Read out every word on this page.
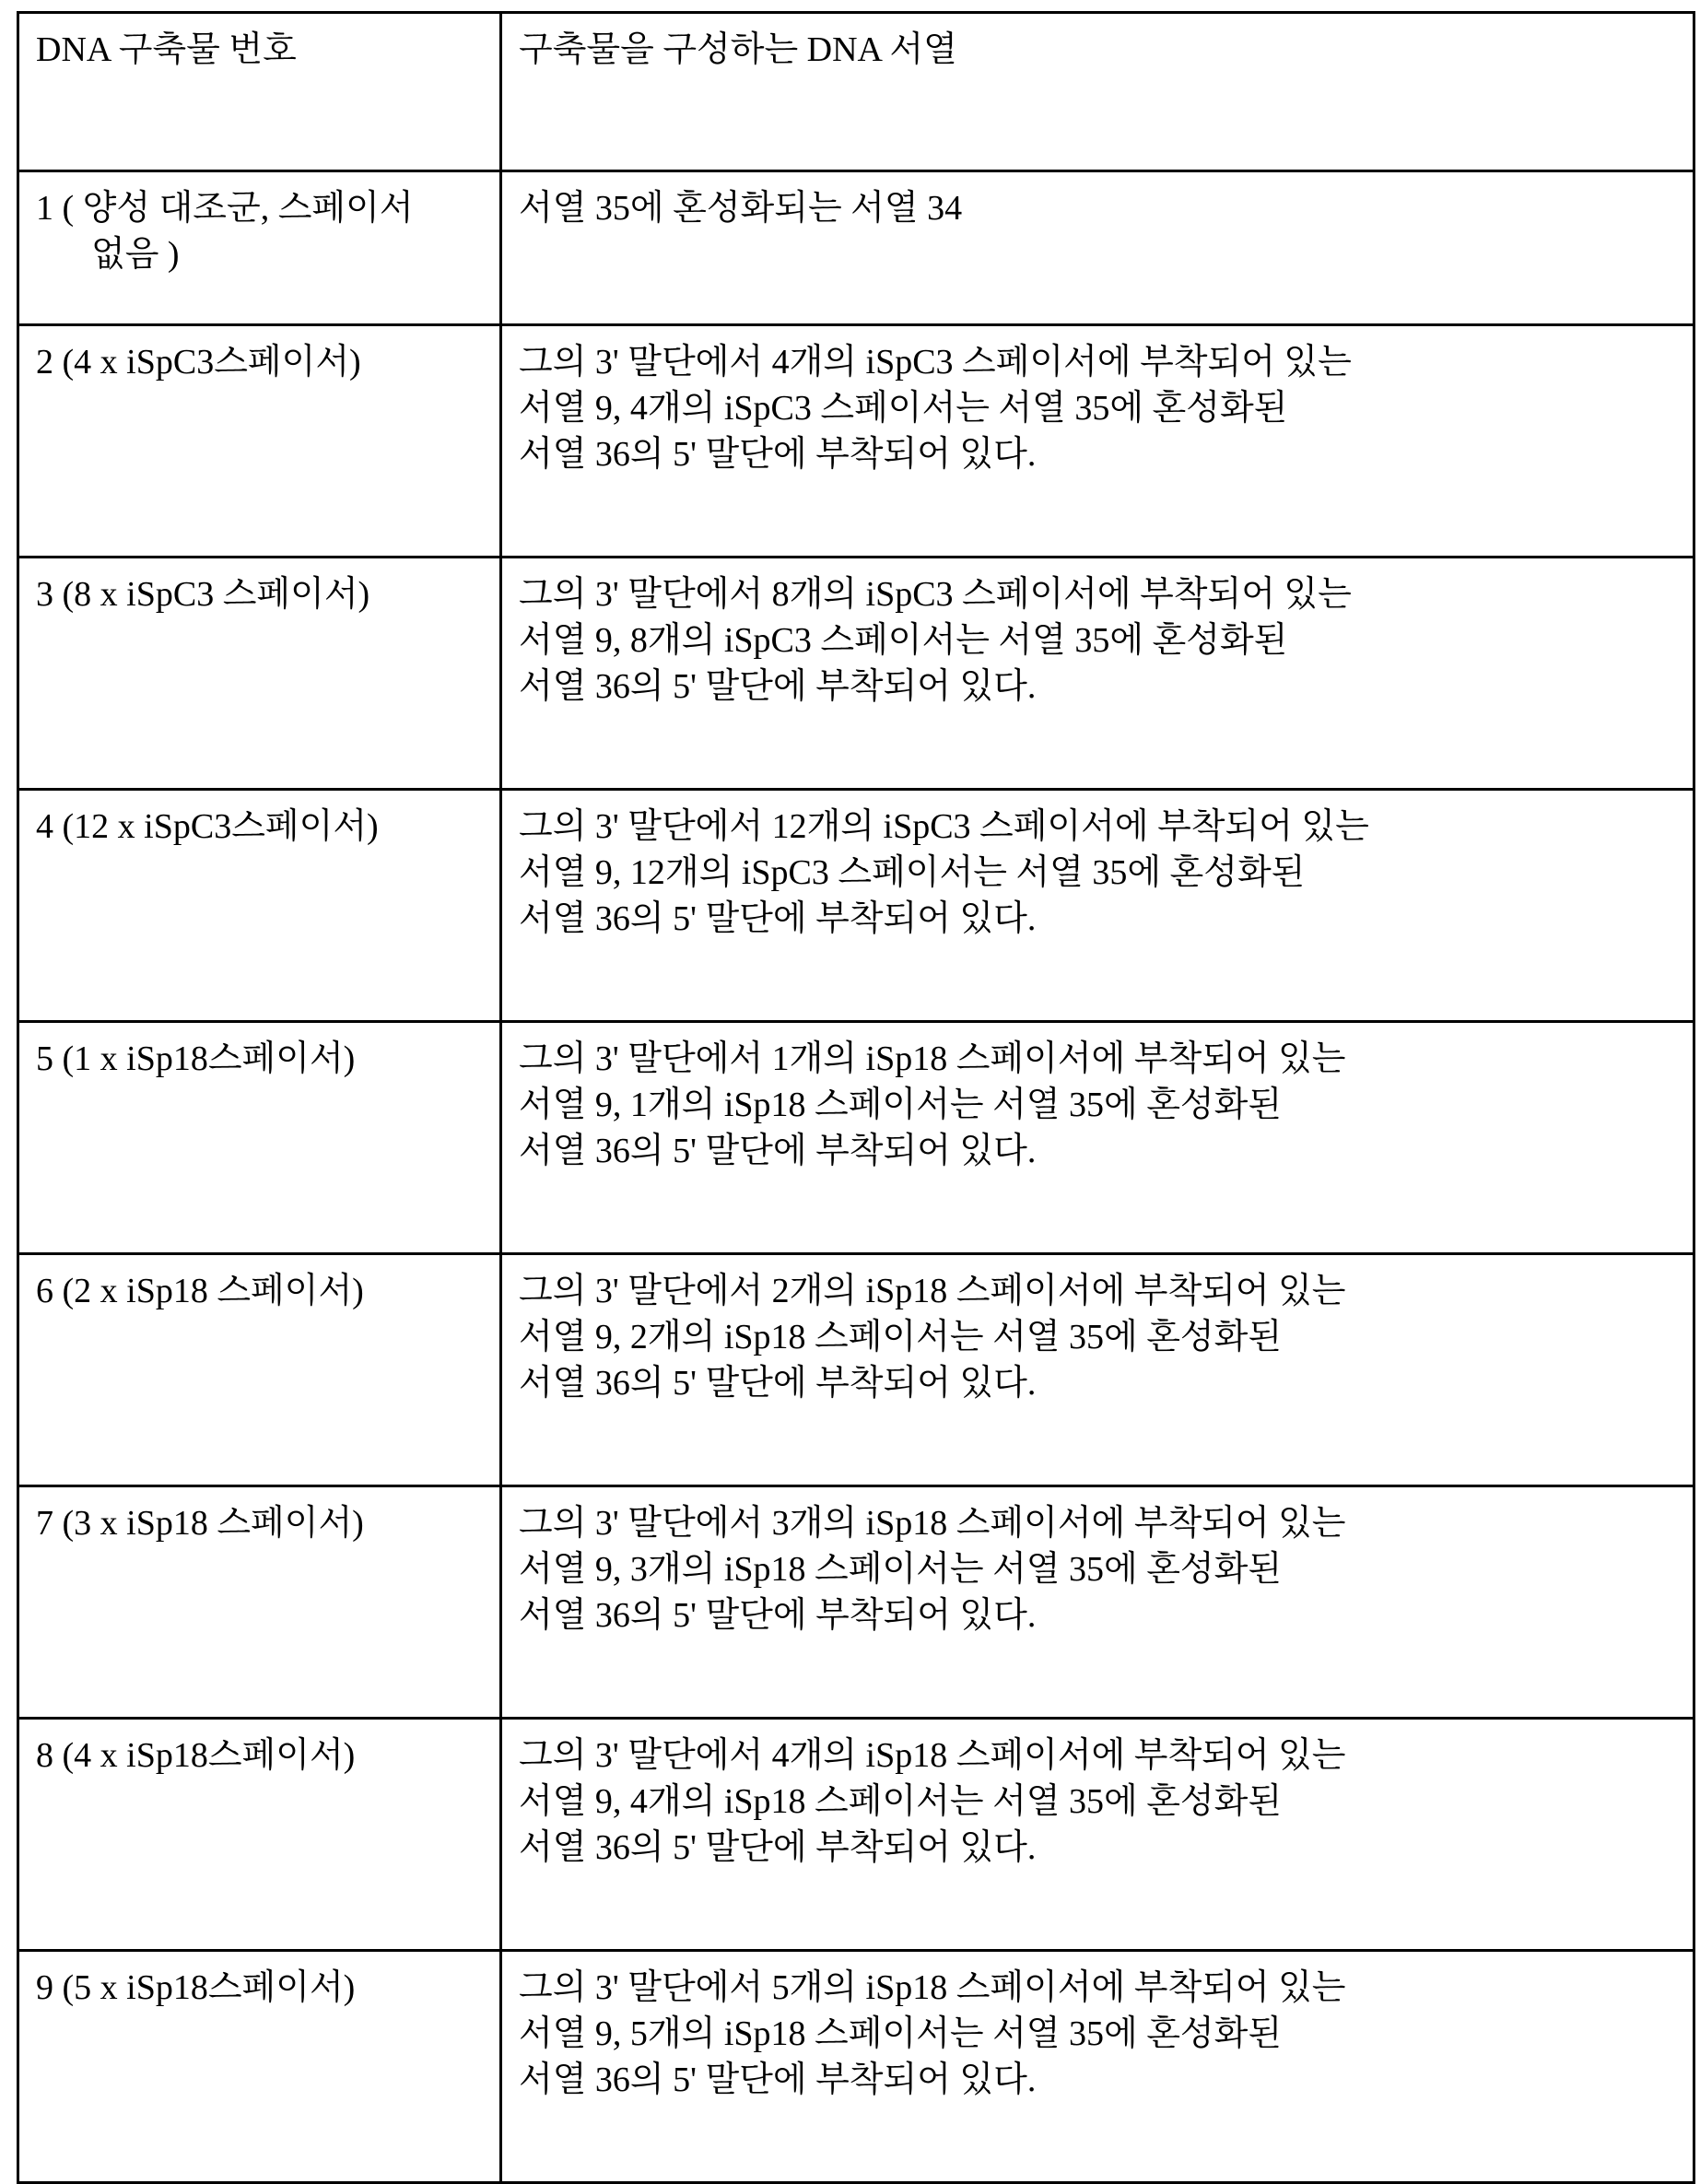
DNA 구축물 번호	구축물을 구성하는 DNA 서열

1 ( 양성 대조군, 스페이서
없음 )

서열 35에 혼성화되는 서열 34

2 (4 x iSpC3스페이서)	그의 3' 말단에서 4개의 iSpC3 스페이서에 부착되어 있는
서열 9, 4개의 iSpC3 스페이서는 서열 35에 혼성화된
서열 36의 5' 말단에 부착되어 있다.

3 (8 x iSpC3 스페이서)	그의 3' 말단에서 8개의 iSpC3 스페이서에 부착되어 있는
서열 9, 8개의 iSpC3 스페이서는 서열 35에 혼성화된
서열 36의 5' 말단에 부착되어 있다.

4 (12 x iSpC3스페이서)	그의 3' 말단에서 12개의 iSpC3 스페이서에 부착되어 있는
서열 9, 12개의 iSpC3 스페이서는 서열 35에 혼성화된
서열 36의 5' 말단에 부착되어 있다.

5 (1 x iSp18스페이서)	그의 3' 말단에서 1개의 iSp18 스페이서에 부착되어 있는
서열 9, 1개의 iSp18 스페이서는 서열 35에 혼성화된
서열 36의 5' 말단에 부착되어 있다.

6 (2 x iSp18 스페이서)	그의 3' 말단에서 2개의 iSp18 스페이서에 부착되어 있는
서열 9, 2개의 iSp18 스페이서는 서열 35에 혼성화된
서열 36의 5' 말단에 부착되어 있다.

7 (3 x iSp18 스페이서)	그의 3' 말단에서 3개의 iSp18 스페이서에 부착되어 있는
서열 9, 3개의 iSp18 스페이서는 서열 35에 혼성화된
서열 36의 5' 말단에 부착되어 있다.

8 (4 x iSp18스페이서)	그의 3' 말단에서 4개의 iSp18 스페이서에 부착되어 있는
서열 9, 4개의 iSp18 스페이서는 서열 35에 혼성화된
서열 36의 5' 말단에 부착되어 있다.

9 (5 x iSp18스페이서)	그의 3' 말단에서 5개의 iSp18 스페이서에 부착되어 있는
서열 9, 5개의 iSp18 스페이서는 서열 35에 혼성화된
서열 36의 5' 말단에 부착되어 있다.
